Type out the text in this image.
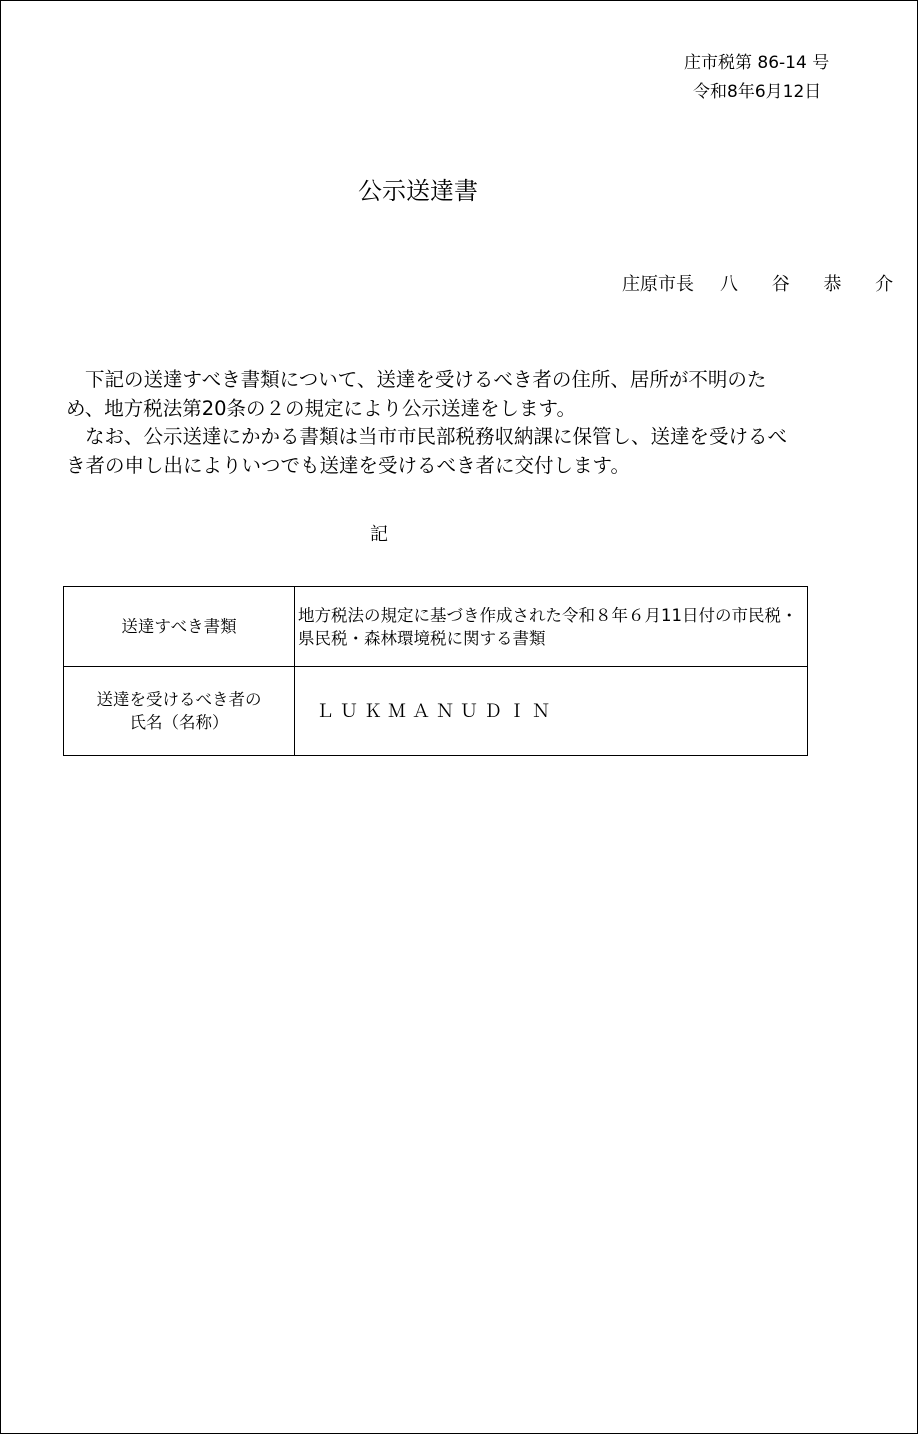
庄市税第 86-14 号
令和8年6月12日
公示送達書
庄原市長 八 谷 恭 介

下記の送達すべき書類について、送達を受けるべき者の住所、居所が不明のため、地方税法第20条の２の規定により公示送達をします。

なお、公示送達にかかる書類は当市市民部税務収納課に保管し、送達を受けるべき者の申し出によりいつでも送達を受けるべき者に交付します。

記
送達すべき書類	地方税法の規定に基づき作成された令和８年６月11日付の市民税・県民税・森林環境税に関する書類

送達を受けるべき者の
氏名（名称）	ＬＵＫＭＡＮＵＤＩＮ
